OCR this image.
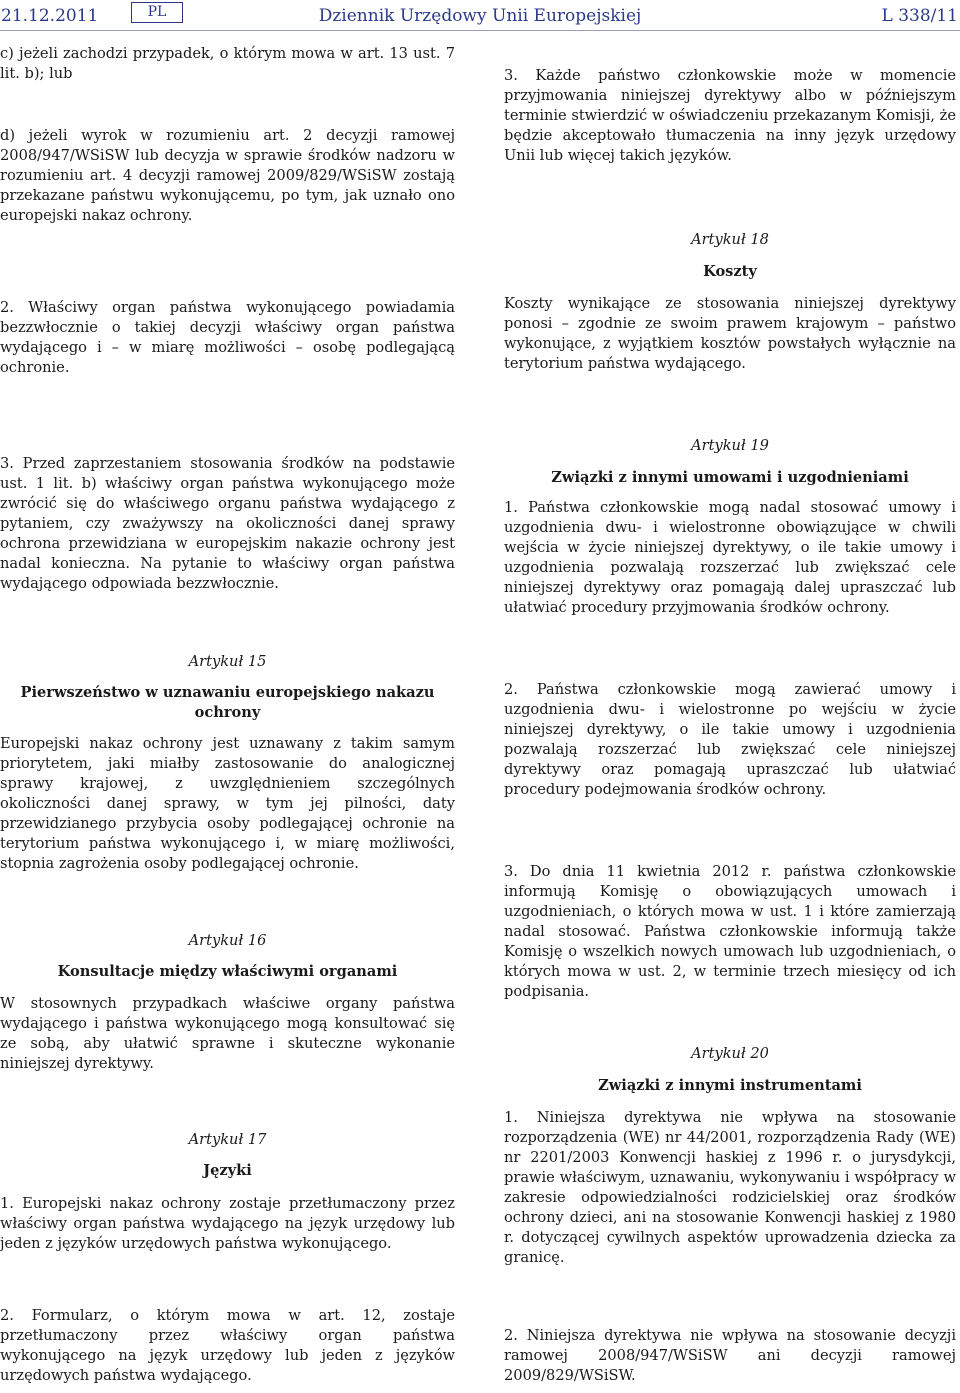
21.12.2011	PL	Dziennik Urzędowy Unii Europejskiej	L 338/11

c) jeżeli zachodzi przypadek, o którym mowa w art. 13 ust. 7 lit. b); lub

d) jeżeli wyrok w rozumieniu art. 2 decyzji ramowej 2008/947/WSiSW lub decyzja w sprawie środków nadzoru w rozumieniu art. 4 decyzji ramowej 2009/829/WSiSW zostają przekazane państwu wykonującemu, po tym, jak uznało ono europejski nakaz ochrony.

2. Właściwy organ państwa wykonującego powiadamia bezzwłocznie o takiej decyzji właściwy organ państwa wydającego i – w miarę możliwości – osobę podlegającą ochronie.

3. Przed zaprzestaniem stosowania środków na podstawie ust. 1 lit. b) właściwy organ państwa wykonującego może zwrócić się do właściwego organu państwa wydającego z pytaniem, czy zważywszy na okoliczności danej sprawy ochrona przewidziana w europejskim nakazie ochrony jest nadal konieczna. Na pytanie to właściwy organ państwa wydającego odpowiada bezzwłocznie.

Artykuł 15

Pierwszeństwo w uznawaniu europejskiego nakazu ochrony

Europejski nakaz ochrony jest uznawany z takim samym priorytetem, jaki miałby zastosowanie do analogicznej sprawy krajowej, z uwzględnieniem szczególnych okoliczności danej sprawy, w tym jej pilności, daty przewidzianego przybycia osoby podlegającej ochronie na terytorium państwa wykonującego i, w miarę możliwości, stopnia zagrożenia osoby podlegającej ochronie.

Artykuł 16

Konsultacje między właściwymi organami

W stosownych przypadkach właściwe organy państwa wydającego i państwa wykonującego mogą konsultować się ze sobą, aby ułatwić sprawne i skuteczne wykonanie niniejszej dyrektywy.

Artykuł 17

Języki

1. Europejski nakaz ochrony zostaje przetłumaczony przez właściwy organ państwa wydającego na język urzędowy lub jeden z języków urzędowych państwa wykonującego.

2. Formularz, o którym mowa w art. 12, zostaje przetłumaczony przez właściwy organ państwa wykonującego na język urzędowy lub jeden z języków urzędowych państwa wydającego.

3. Każde państwo członkowskie może w momencie przyjmowania niniejszej dyrektywy albo w późniejszym terminie stwierdzić w oświadczeniu przekazanym Komisji, że będzie akceptowało tłumaczenia na inny język urzędowy Unii lub więcej takich języków.

Artykuł 18

Koszty

Koszty wynikające ze stosowania niniejszej dyrektywy ponosi – zgodnie ze swoim prawem krajowym – państwo wykonujące, z wyjątkiem kosztów powstałych wyłącznie na terytorium państwa wydającego.

Artykuł 19

Związki z innymi umowami i uzgodnieniami

1. Państwa członkowskie mogą nadal stosować umowy i uzgodnienia dwu- i wielostronne obowiązujące w chwili wejścia w życie niniejszej dyrektywy, o ile takie umowy i uzgodnienia pozwalają rozszerzać lub zwiększać cele niniejszej dyrektywy oraz pomagają dalej upraszczać lub ułatwiać procedury przyjmowania środków ochrony.

2. Państwa członkowskie mogą zawierać umowy i uzgodnienia dwu- i wielostronne po wejściu w życie niniejszej dyrektywy, o ile takie umowy i uzgodnienia pozwalają rozszerzać lub zwiększać cele niniejszej dyrektywy oraz pomagają upraszczać lub ułatwiać procedury podejmowania środków ochrony.

3. Do dnia 11 kwietnia 2012 r. państwa członkowskie informują Komisję o obowiązujących umowach i uzgodnieniach, o których mowa w ust. 1 i które zamierzają nadal stosować. Państwa członkowskie informują także Komisję o wszelkich nowych umowach lub uzgodnieniach, o których mowa w ust. 2, w terminie trzech miesięcy od ich podpisania.

Artykuł 20

Związki z innymi instrumentami

1. Niniejsza dyrektywa nie wpływa na stosowanie rozporządzenia (WE) nr 44/2001, rozporządzenia Rady (WE) nr 2201/2003 Konwencji haskiej z 1996 r. o jurysdykcji, prawie właściwym, uznawaniu, wykonywaniu i współpracy w zakresie odpowiedzialności rodzicielskiej oraz środków ochrony dzieci, ani na stosowanie Konwencji haskiej z 1980 r. dotyczącej cywilnych aspektów uprowadzenia dziecka za granicę.

2. Niniejsza dyrektywa nie wpływa na stosowanie decyzji ramowej 2008/947/WSiSW ani decyzji ramowej 2009/829/WSiSW.
